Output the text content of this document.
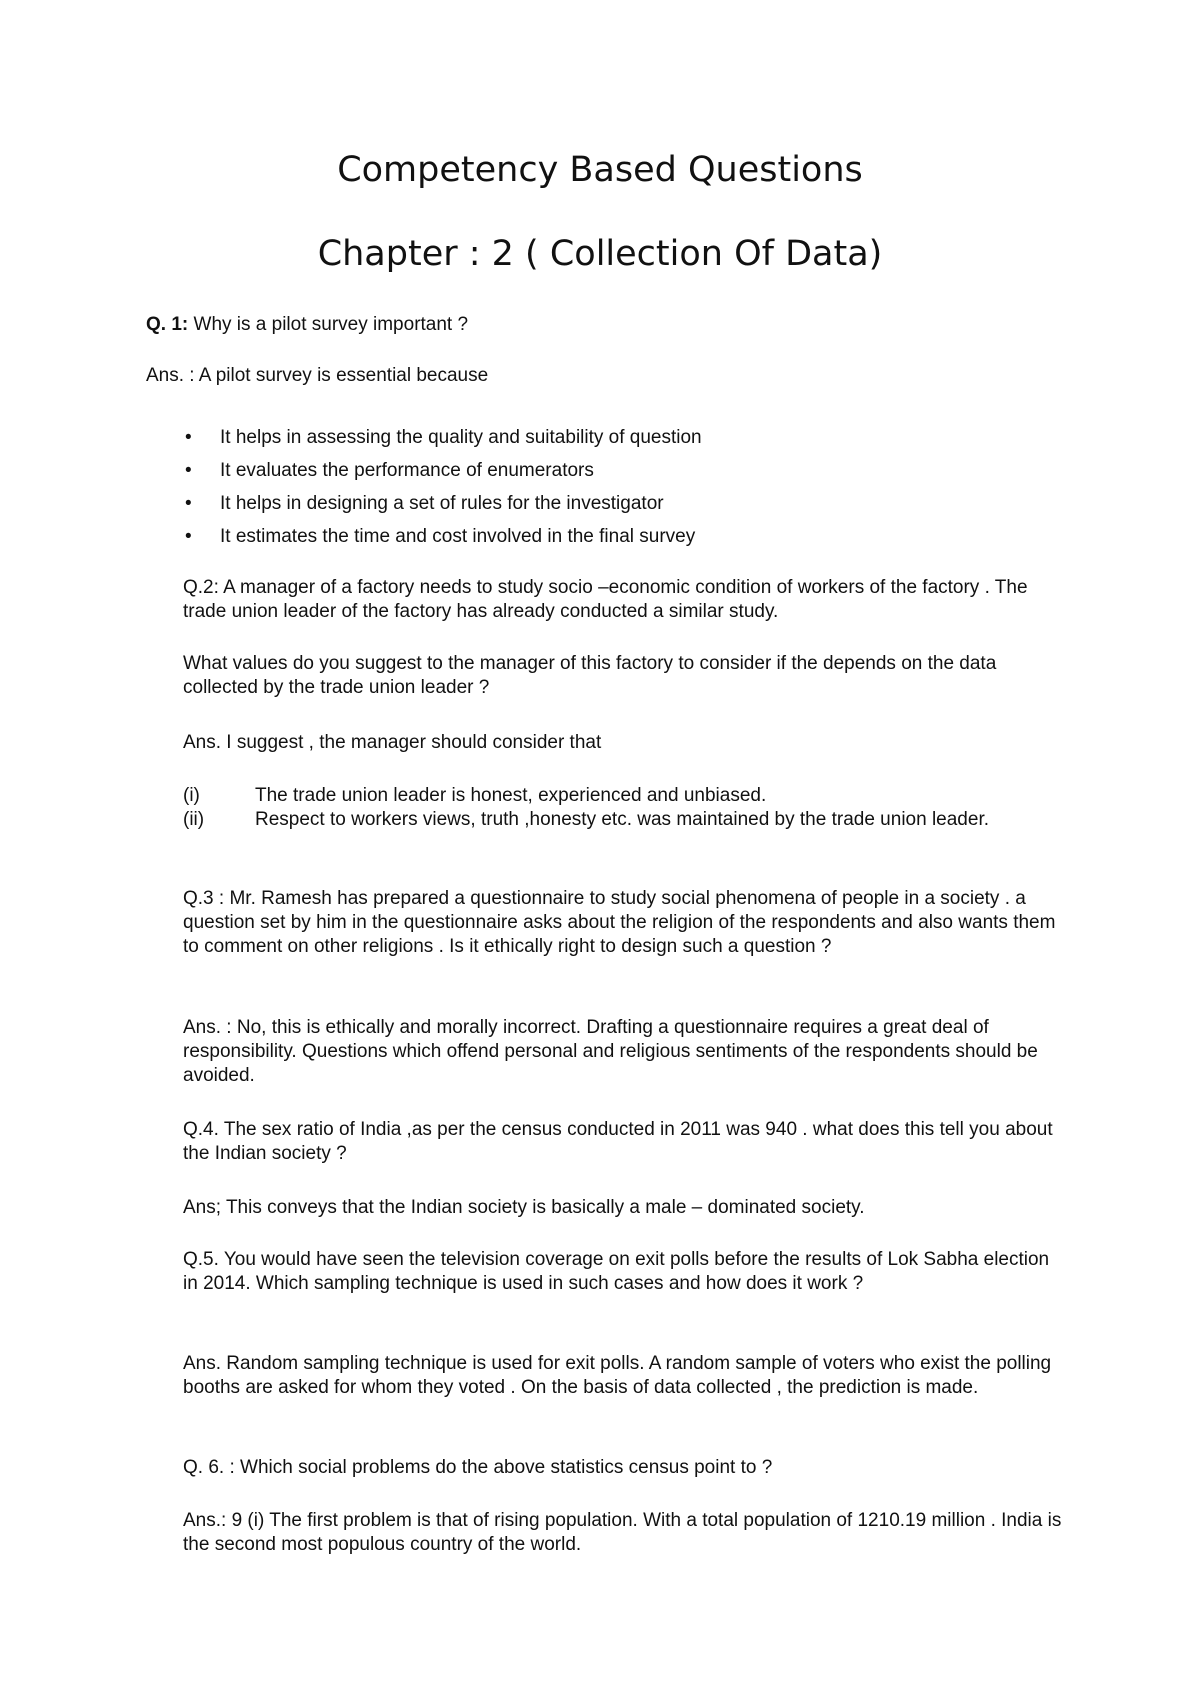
Competency Based Questions
Chapter : 2 ( Collection Of Data)
Q. 1: Why is a pilot survey important ?
Ans. : A pilot survey is essential because
• It helps in assessing the quality and suitability of question
• It evaluates the performance of enumerators
• It helps in designing a set of rules for the investigator
• It estimates the time and cost involved in the final survey
Q.2: A manager of a factory needs to study socio –economic condition of workers of the factory . The trade union leader of the factory has already conducted a similar study.
What values do you suggest to the manager of this factory to consider if the depends on the data collected by the trade union leader ?
Ans. I suggest , the manager should consider that
(i)	The trade union leader is honest, experienced and unbiased.
(ii)	Respect to workers views, truth ,honesty etc. was maintained by the trade union leader.
Q.3 : Mr. Ramesh has prepared a questionnaire to study social phenomena of people in a society . a question set by him in the questionnaire asks about the religion of the respondents and also wants them to comment on other religions . Is it ethically right to design such a question ?
Ans. : No, this is ethically and morally incorrect. Drafting a questionnaire requires a great deal of responsibility. Questions which offend personal and religious sentiments of the respondents should be avoided.
Q.4. The sex ratio of India ,as per the census conducted in 2011 was 940 . what does this tell you about the Indian society ?
Ans; This conveys that the Indian society is basically a male – dominated society.
Q.5. You would have seen the television coverage on exit polls before the results of Lok Sabha election in 2014. Which sampling technique is used in such cases and how does it work ?
Ans. Random sampling technique is used for exit polls. A random sample of voters who exist the polling booths are asked for whom they voted . On the basis of data collected , the prediction is made.
Q. 6. : Which social problems do the above statistics census point to ?
Ans.: 9 (i) The first problem is that of rising population. With a total population of 1210.19 million . India is the second most populous country of the world.
